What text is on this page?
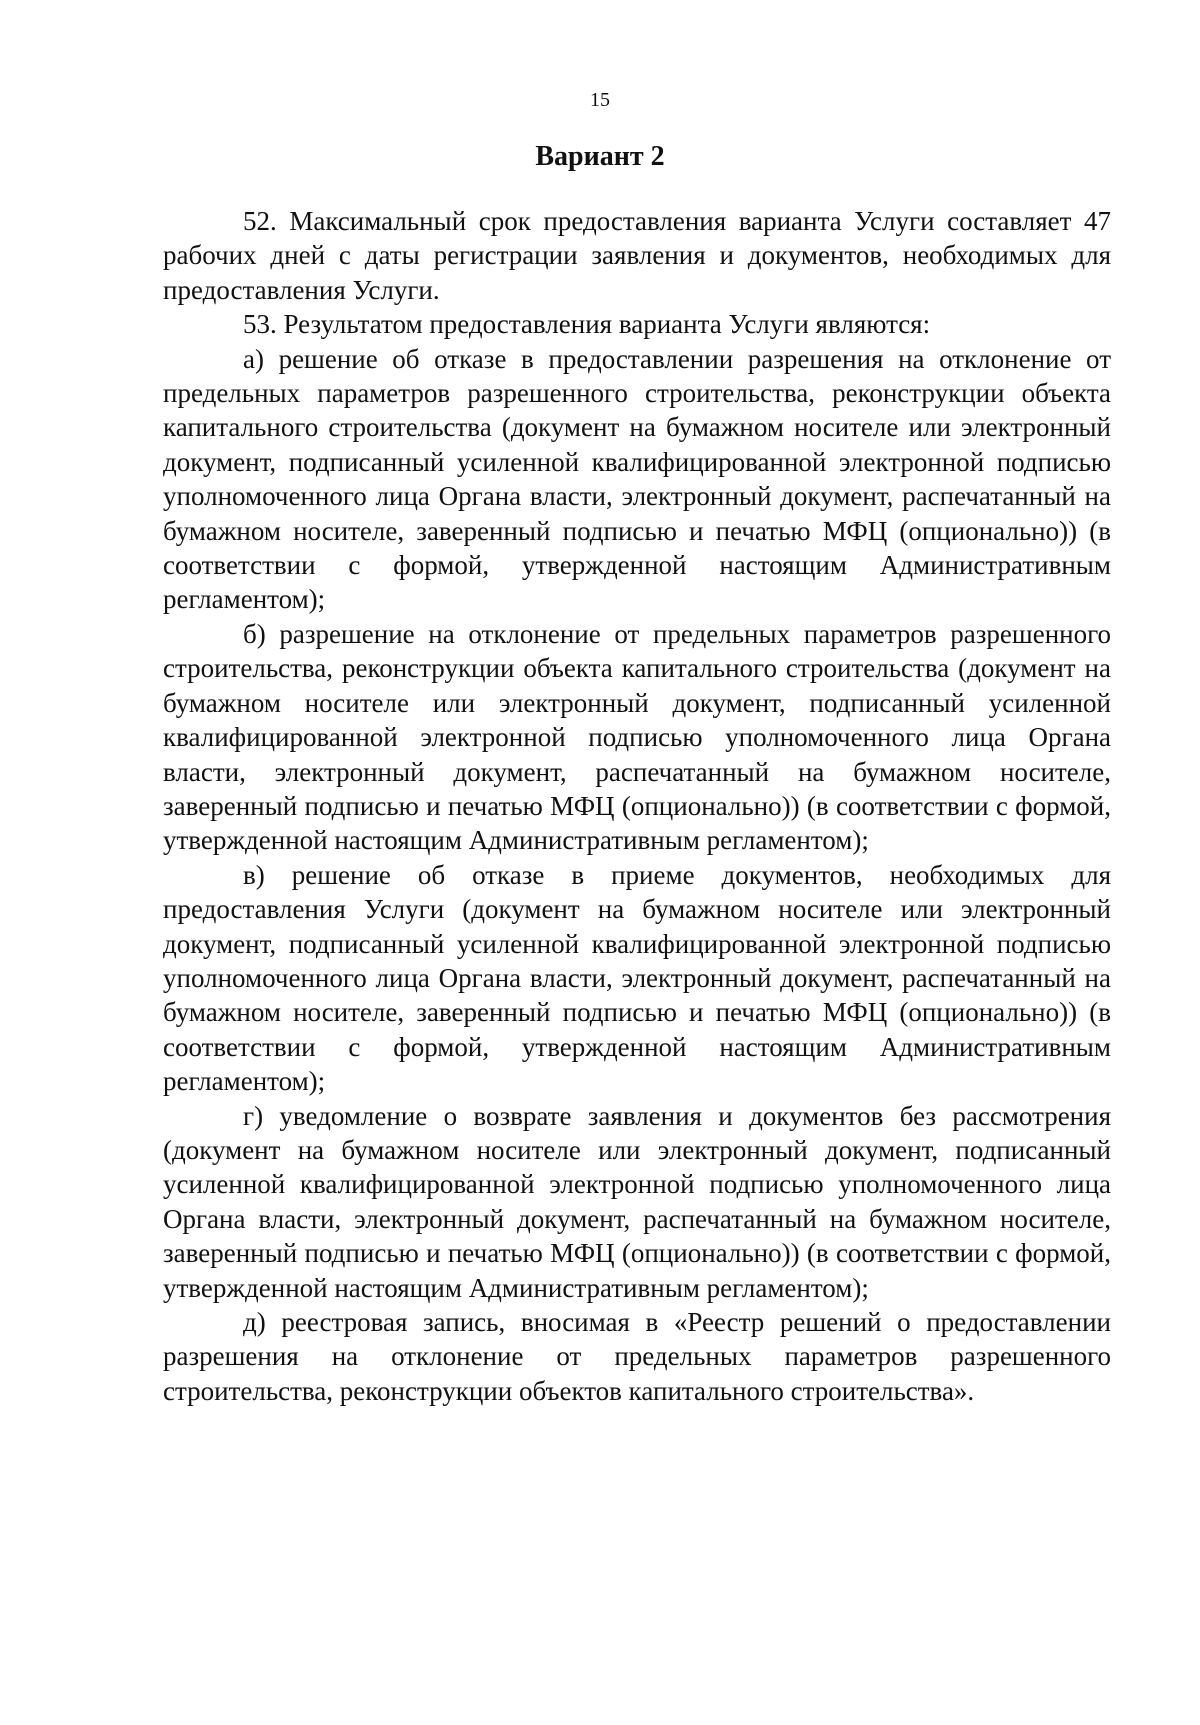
15
Вариант 2

52. Максимальный срок предоставления варианта Услуги составляет 47 рабочих дней с даты регистрации заявления и документов, необходимых для предоставления Услуги.

53. Результатом предоставления варианта Услуги являются:

а) решение об отказе в предоставлении разрешения на отклонение от предельных параметров разрешенного строительства, реконструкции объекта капитального строительства (документ на бумажном носителе или электронный документ, подписанный усиленной квалифицированной электронной подписью уполномоченного лица Органа власти, электронный документ, распечатанный на бумажном носителе, заверенный подписью и печатью МФЦ (опционально)) (в соответствии с формой, утвержденной настоящим Административным регламентом);

б) разрешение на отклонение от предельных параметров разрешенного строительства, реконструкции объекта капитального строительства (документ на бумажном носителе или электронный документ, подписанный усиленной квалифицированной электронной подписью уполномоченного лица Органа власти, электронный документ, распечатанный на бумажном носителе, заверенный подписью и печатью МФЦ (опционально)) (в соответствии с формой, утвержденной настоящим Административным регламентом);

в) решение об отказе в приеме документов, необходимых для предоставления Услуги (документ на бумажном носителе или электронный документ, подписанный усиленной квалифицированной электронной подписью уполномоченного лица Органа власти, электронный документ, распечатанный на бумажном носителе, заверенный подписью и печатью МФЦ (опционально)) (в соответствии с формой, утвержденной настоящим Административным регламентом);

г) уведомление о возврате заявления и документов без рассмотрения (документ на бумажном носителе или электронный документ, подписанный усиленной квалифицированной электронной подписью уполномоченного лица Органа власти, электронный документ, распечатанный на бумажном носителе, заверенный подписью и печатью МФЦ (опционально)) (в соответствии с формой, утвержденной настоящим Административным регламентом);

д) реестровая запись, вносимая в «Реестр решений о предоставлении разрешения на отклонение от предельных параметров разрешенного строительства, реконструкции объектов капитального строительства».
